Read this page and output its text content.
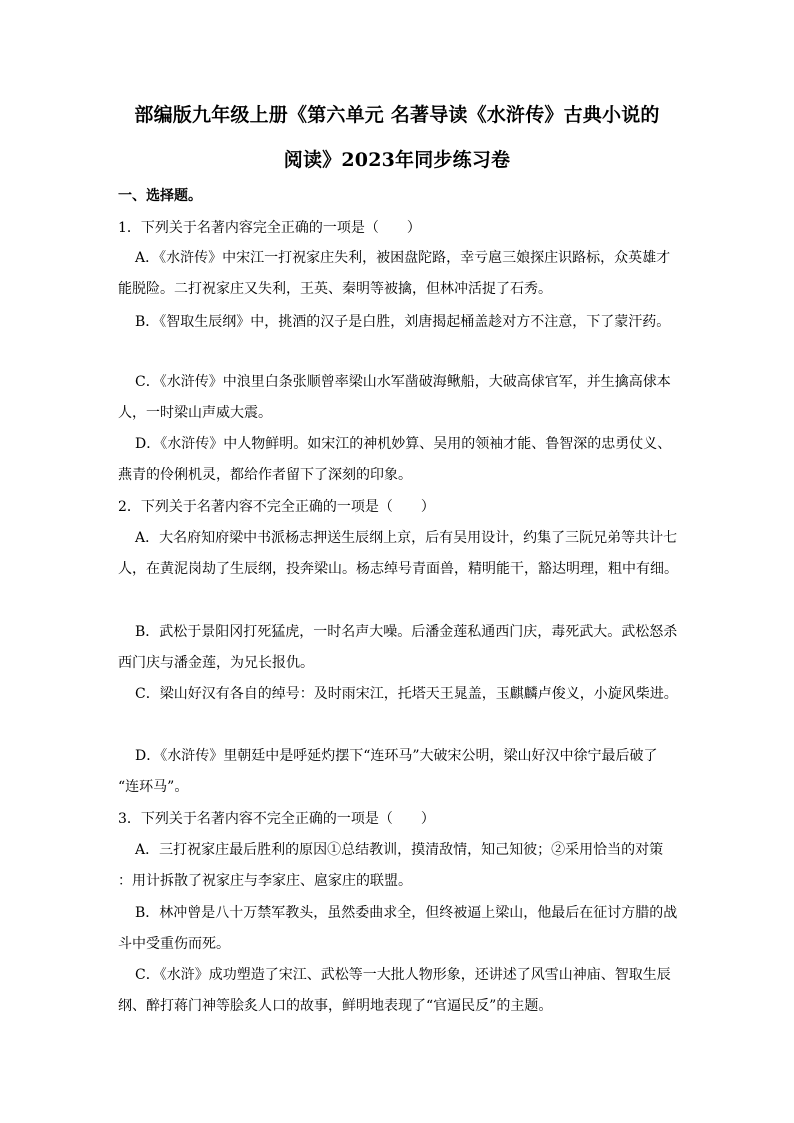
部编版九年级上册《第六单元 名著导读《水浒传》古典小说的
阅读》2023年同步练习卷
一、选择题。
1．下列关于名著内容完全正确的一项是（　　）
A．《水浒传》中宋江一打祝家庄失利，被困盘陀路，幸亏扈三娘探庄识路标，众英雄才
能脱险。二打祝家庄又失利，王英、秦明等被擒，但林冲活捉了石秀。
B．《智取生辰纲》中，挑酒的汉子是白胜，刘唐揭起桶盖趁对方不注意，下了蒙汗药。
C．《水浒传》中浪里白条张顺曾率梁山水军凿破海鳅船，大破高俅官军，并生擒高俅本
人，一时梁山声威大震。
D．《水浒传》中人物鲜明。如宋江的神机妙算、吴用的领袖才能、鲁智深的忠勇仗义、
燕青的伶俐机灵，都给作者留下了深刻的印象。
2．下列关于名著内容不完全正确的一项是（　　）
A．大名府知府梁中书派杨志押送生辰纲上京，后有吴用设计，约集了三阮兄弟等共计七
人，在黄泥岗劫了生辰纲，投奔梁山。杨志绰号青面兽，精明能干，豁达明理，粗中有细。
B．武松于景阳冈打死猛虎，一时名声大噪。后潘金莲私通西门庆，毒死武大。武松怒杀
西门庆与潘金莲，为兄长报仇。
C．梁山好汉有各自的绰号：及时雨宋江，托塔天王晁盖，玉麒麟卢俊义，小旋风柴进。
D．《水浒传》里朝廷中是呼延灼摆下“连环马”大破宋公明，梁山好汉中徐宁最后破了
“连环马”。
3．下列关于名著内容不完全正确的一项是（　　）
A．三打祝家庄最后胜利的原因①总结教训，摸清敌情，知己知彼；②采用恰当的对策
：用计拆散了祝家庄与李家庄、扈家庄的联盟。
B．林冲曾是八十万禁军教头，虽然委曲求全，但终被逼上梁山，他最后在征讨方腊的战
斗中受重伤而死。
C．《水浒》成功塑造了宋江、武松等一大批人物形象，还讲述了风雪山神庙、智取生辰
纲、醉打蒋门神等脍炙人口的故事，鲜明地表现了“官逼民反”的主题。
